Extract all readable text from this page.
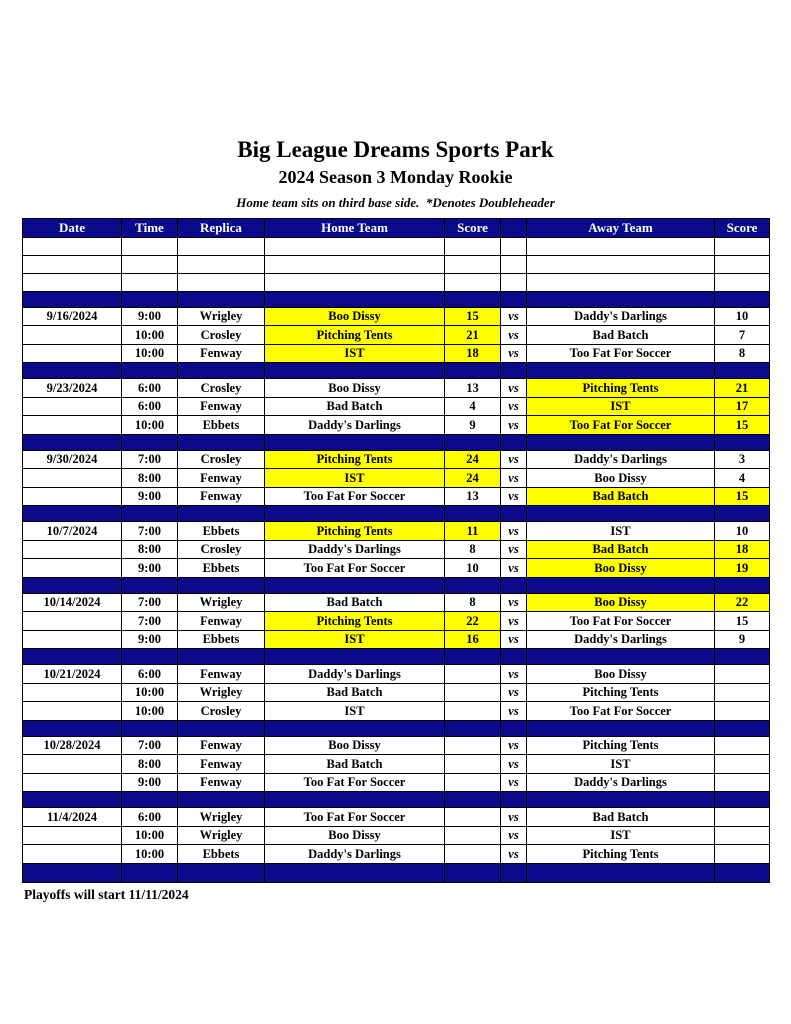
Big League Dreams Sports Park
2024 Season 3 Monday Rookie
Home team sits on third base side.  *Denotes Doubleheader
Date	Time	Replica	Home Team	Score		Away Team	Score

9/16/2024	9:00	Wrigley	Boo Dissy	15	vs	Daddy's Darlings	10
	10:00	Crosley	Pitching Tents	21	vs	Bad Batch	7
	10:00	Fenway	IST	18	vs	Too Fat For Soccer	8

9/23/2024	6:00	Crosley	Boo Dissy	13	vs	Pitching Tents	21
	6:00	Fenway	Bad Batch	4	vs	IST	17
	10:00	Ebbets	Daddy's Darlings	9	vs	Too Fat For Soccer	15

9/30/2024	7:00	Crosley	Pitching Tents	24	vs	Daddy's Darlings	3
	8:00	Fenway	IST	24	vs	Boo Dissy	4
	9:00	Fenway	Too Fat For Soccer	13	vs	Bad Batch	15

10/7/2024	7:00	Ebbets	Pitching Tents	11	vs	IST	10
	8:00	Crosley	Daddy's Darlings	8	vs	Bad Batch	18
	9:00	Ebbets	Too Fat For Soccer	10	vs	Boo Dissy	19

10/14/2024	7:00	Wrigley	Bad Batch	8	vs	Boo Dissy	22
	7:00	Fenway	Pitching Tents	22	vs	Too Fat For Soccer	15
	9:00	Ebbets	IST	16	vs	Daddy's Darlings	9

10/21/2024	6:00	Fenway	Daddy's Darlings		vs	Boo Dissy	
	10:00	Wrigley	Bad Batch		vs	Pitching Tents	
	10:00	Crosley	IST		vs	Too Fat For Soccer	

10/28/2024	7:00	Fenway	Boo Dissy		vs	Pitching Tents	
	8:00	Fenway	Bad Batch		vs	IST	
	9:00	Fenway	Too Fat For Soccer		vs	Daddy's Darlings	

11/4/2024	6:00	Wrigley	Too Fat For Soccer		vs	Bad Batch	
	10:00	Wrigley	Boo Dissy		vs	IST	
	10:00	Ebbets	Daddy's Darlings		vs	Pitching Tents	

Playoffs will start 11/11/2024
